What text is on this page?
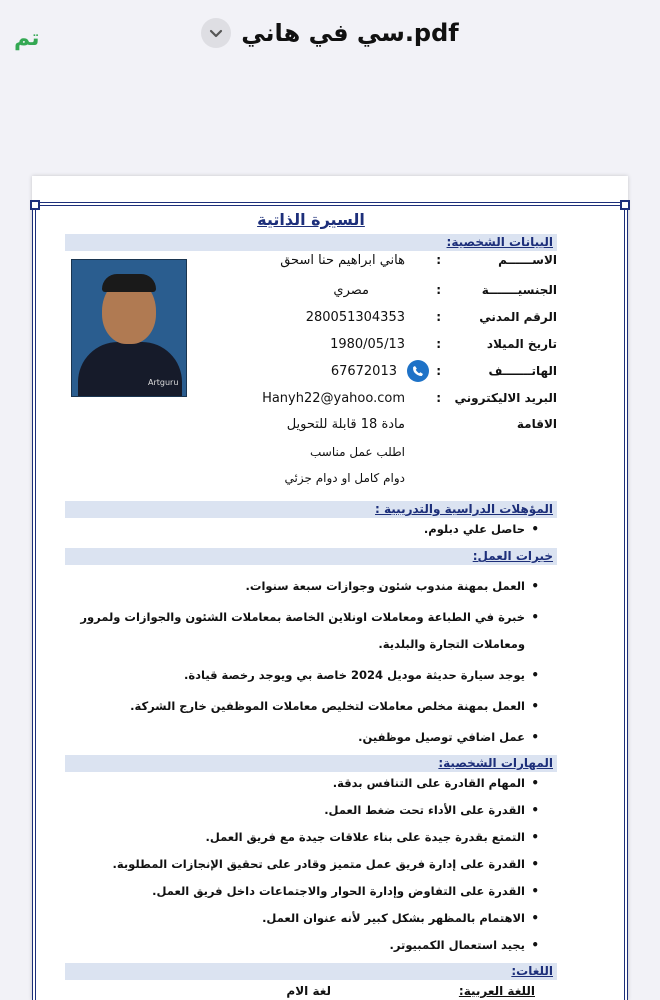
تم	سي في هاني.pdf
السيرة الذاتية
البيانات الشخصية:
الاســــــم
:
هاني ابراهيم حنا اسحق
الجنسيـــــــة
:
مصري
الرقم المدني
:
280051304353
تاريخ الميلاد
:
1980/05/13
الهاتـــــــف
:
67672013
البريد الاليكتروني
:
Hanyh22@yahoo.com
الاقامة
مادة 18 قابلة للتحويل
اطلب عمل مناسب
دوام كامل او دوام جزئي
Artguru
المؤهلات الدراسية والتدريبية :
• حاصل علي دبلوم.
خبرات العمل:
• العمل بمهنة مندوب شئون وجوازات سبعة سنوات.
• خبرة في الطباعة ومعاملات اونلاين الخاصة بمعاملات الشئون والجوازات ولمرور ومعاملات التجارة والبلدية.
• يوجد سيارة حديثة موديل 2024 خاصة بي ويوجد رخصة قيادة.
• العمل بمهنة مخلص معاملات لتخليص معاملات الموظفين خارج الشركة.
• عمل اضافي توصيل موظفين.
المهارات الشخصية:
• المهام القادرة على التنافس بدقة.
• القدرة على الأداء تحت ضغط العمل.
• التمتع بقدرة جيدة على بناء علاقات جيدة مع فريق العمل.
• القدرة على إدارة فريق عمل متميز وقادر على تحقيق الإنجازات المطلوبة.
• القدرة على التفاوض وإدارة الحوار والاجتماعات داخل فريق العمل.
• الاهتمام بالمظهر بشكل كبير لأنه عنوان العمل.
• يجيد استعمال الكمبيوتر.
اللغات:
اللغة العربية:
لغة الام
